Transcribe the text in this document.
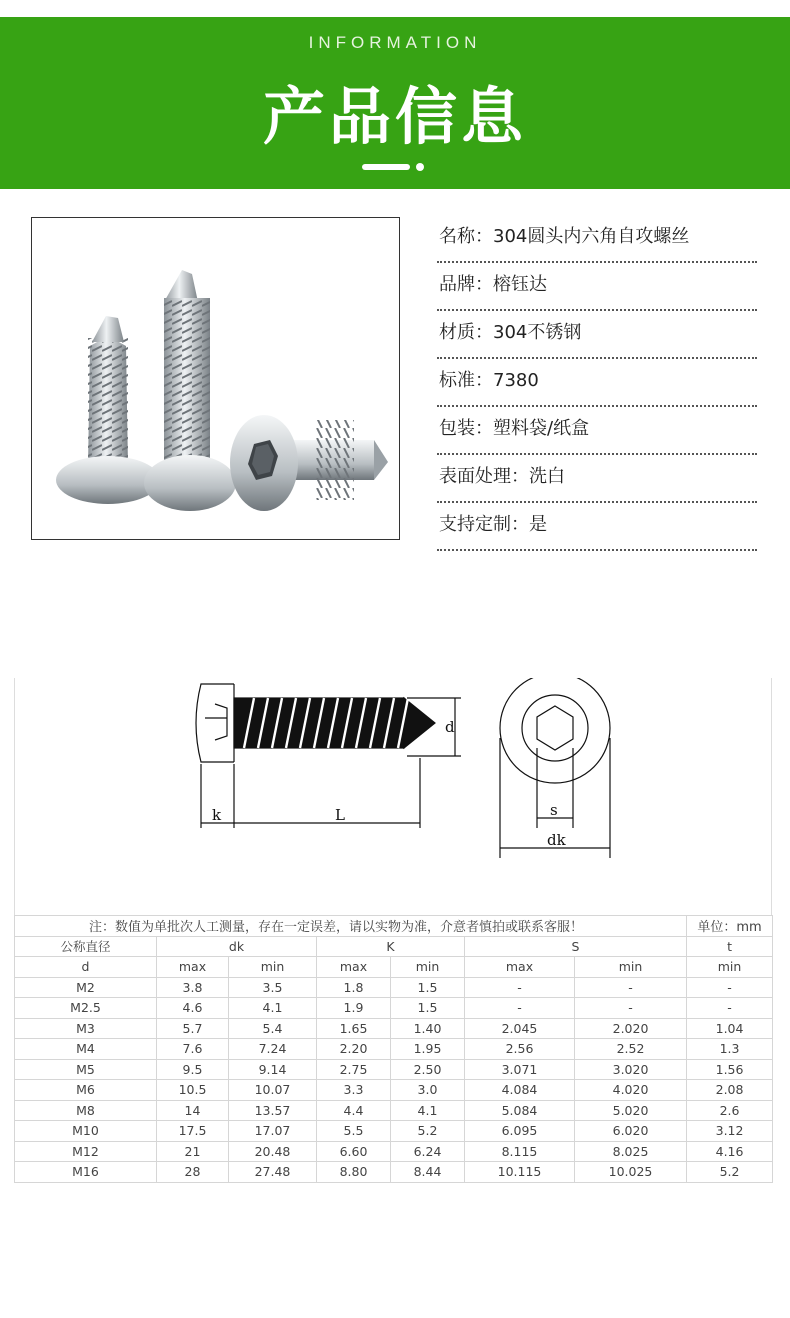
INFORMATION
产品信息
名称：304圆头内六角自攻螺丝
品牌：榕钰达
材质：304不锈钢
标准：7380
包装：塑料袋/纸盒
表面处理：洗白
支持定制：是
d
k	L	s
dk
注：数值为单批次人工测量，存在一定误差，请以实物为准，介意者慎拍或联系客服！							单位：mm
公称直径	dk		K		S		t
d	max	min	max	min	max	min	min
M2	3.8	3.5	1.8	1.5	-	-	-
M2.5	4.6	4.1	1.9	1.5	-	-	-
M3	5.7	5.4	1.65	1.40	2.045	2.020	1.04
M4	7.6	7.24	2.20	1.95	2.56	2.52	1.3
M5	9.5	9.14	2.75	2.50	3.071	3.020	1.56
M6	10.5	10.07	3.3	3.0	4.084	4.020	2.08
M8	14	13.57	4.4	4.1	5.084	5.020	2.6
M10	17.5	17.07	5.5	5.2	6.095	6.020	3.12
M12	21	20.48	6.60	6.24	8.115	8.025	4.16
M16	28	27.48	8.80	8.44	10.115	10.025	5.2
